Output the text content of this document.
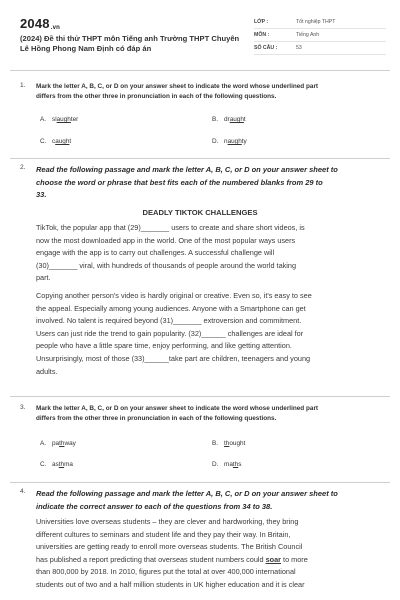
2048.vn
(2024) Đề thi thử THPT môn Tiếng anh Trường THPT Chuyên Lê Hồng Phong Nam Định có đáp án
LỚP :	Tốt nghiệp THPT
MÔN :	Tiếng Anh
SỐ CÂU :	53
1. Mark the letter A, B, C, or D on your answer sheet to indicate the word whose underlined part
differs from the other three in pronunciation in each of the following questions.
A. slaughter	B. draught
C. caught	D. naughty
2. Read the following passage and mark the letter A, B, C, or D on your answer sheet to
choose the word or phrase that best fits each of the numbered blanks from 29 to
33.
DEADLY TIKTOK CHALLENGES
TikTok, the popular app that (29)_______ users to create and share short videos, is
now the most downloaded app in the world. One of the most popular ways users
engage with the app is to carry out challenges. A successful challenge will
(30)_______ viral, with hundreds of thousands of people around the world taking
part.
Copying another person's video is hardly original or creative. Even so, it's easy to see
the appeal. Especially among young audiences. Anyone with a Smartphone can get
involved. No talent is required beyond (31)_______ extroversion and commitment.
Users can just ride the trend to gain popularity. (32)______ challenges are ideal for
people who have a little spare time, enjoy performing, and like getting attention.
Unsurprisingly, most of those (33)______take part are children, teenagers and young
adults.
3. Mark the letter A, B, C, or D on your answer sheet to indicate the word whose underlined part
differs from the other three in pronunciation in each of the following questions.
A. pathway	B. thought
C. asthma	D. maths
4. Read the following passage and mark the letter A, B, C, or D on your answer sheet to
indicate the correct answer to each of the questions from 34 to 38.
Universities love overseas students – they are clever and hardworking, they bring
different cultures to seminars and student life and they pay their way. In Britain,
universities are getting ready to enroll more overseas students. The British Council
has published a report predicting that overseas student numbers could soar to more
than 800,000 by 2018. In 2010, figures put the total at over 400,000 international
students out of two and a half million students in UK higher education and it is clear
